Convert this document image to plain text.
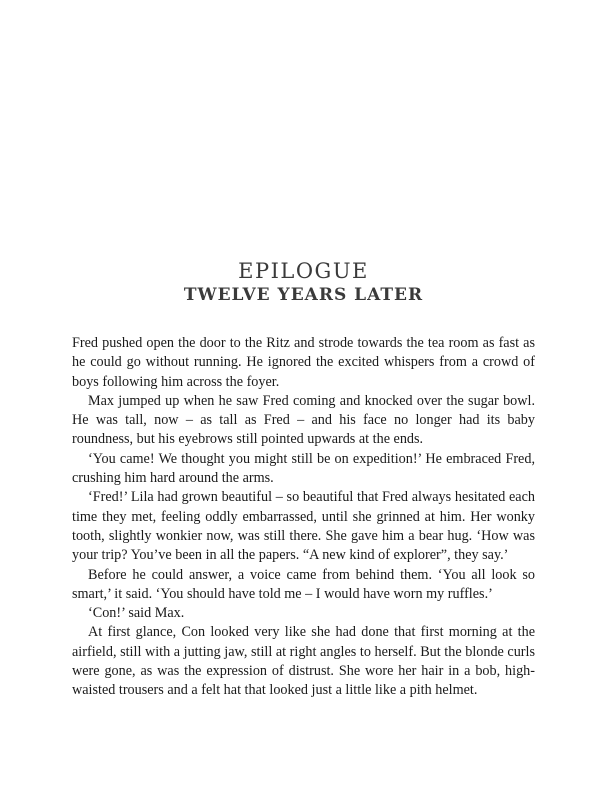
EPILOGUE
TWELVE YEARS LATER

Fred pushed open the door to the Ritz and strode towards the tea room as fast as he could go without running. He ignored the excited whispers from a crowd of boys following him across the foyer.

Max jumped up when he saw Fred coming and knocked over the sugar bowl. He was tall, now – as tall as Fred – and his face no longer had its baby roundness, but his eyebrows still pointed upwards at the ends.

‘You came! We thought you might still be on expedition!’ He embraced Fred, crushing him hard around the arms.

‘Fred!’ Lila had grown beautiful – so beautiful that Fred always hesitated each time they met, feeling oddly embarrassed, until she grinned at him. Her wonky tooth, slightly wonkier now, was still there. She gave him a bear hug. ‘How was your trip? You’ve been in all the papers. “A new kind of explorer”, they say.’

Before he could answer, a voice came from behind them. ‘You all look so smart,’ it said. ‘You should have told me – I would have worn my ruffles.’

‘Con!’ said Max.

At first glance, Con looked very like she had done that first morning at the airfield, still with a jutting jaw, still at right angles to herself. But the blonde curls were gone, as was the expression of distrust. She wore her hair in a bob, high-waisted trousers and a felt hat that looked just a little like a pith helmet.
